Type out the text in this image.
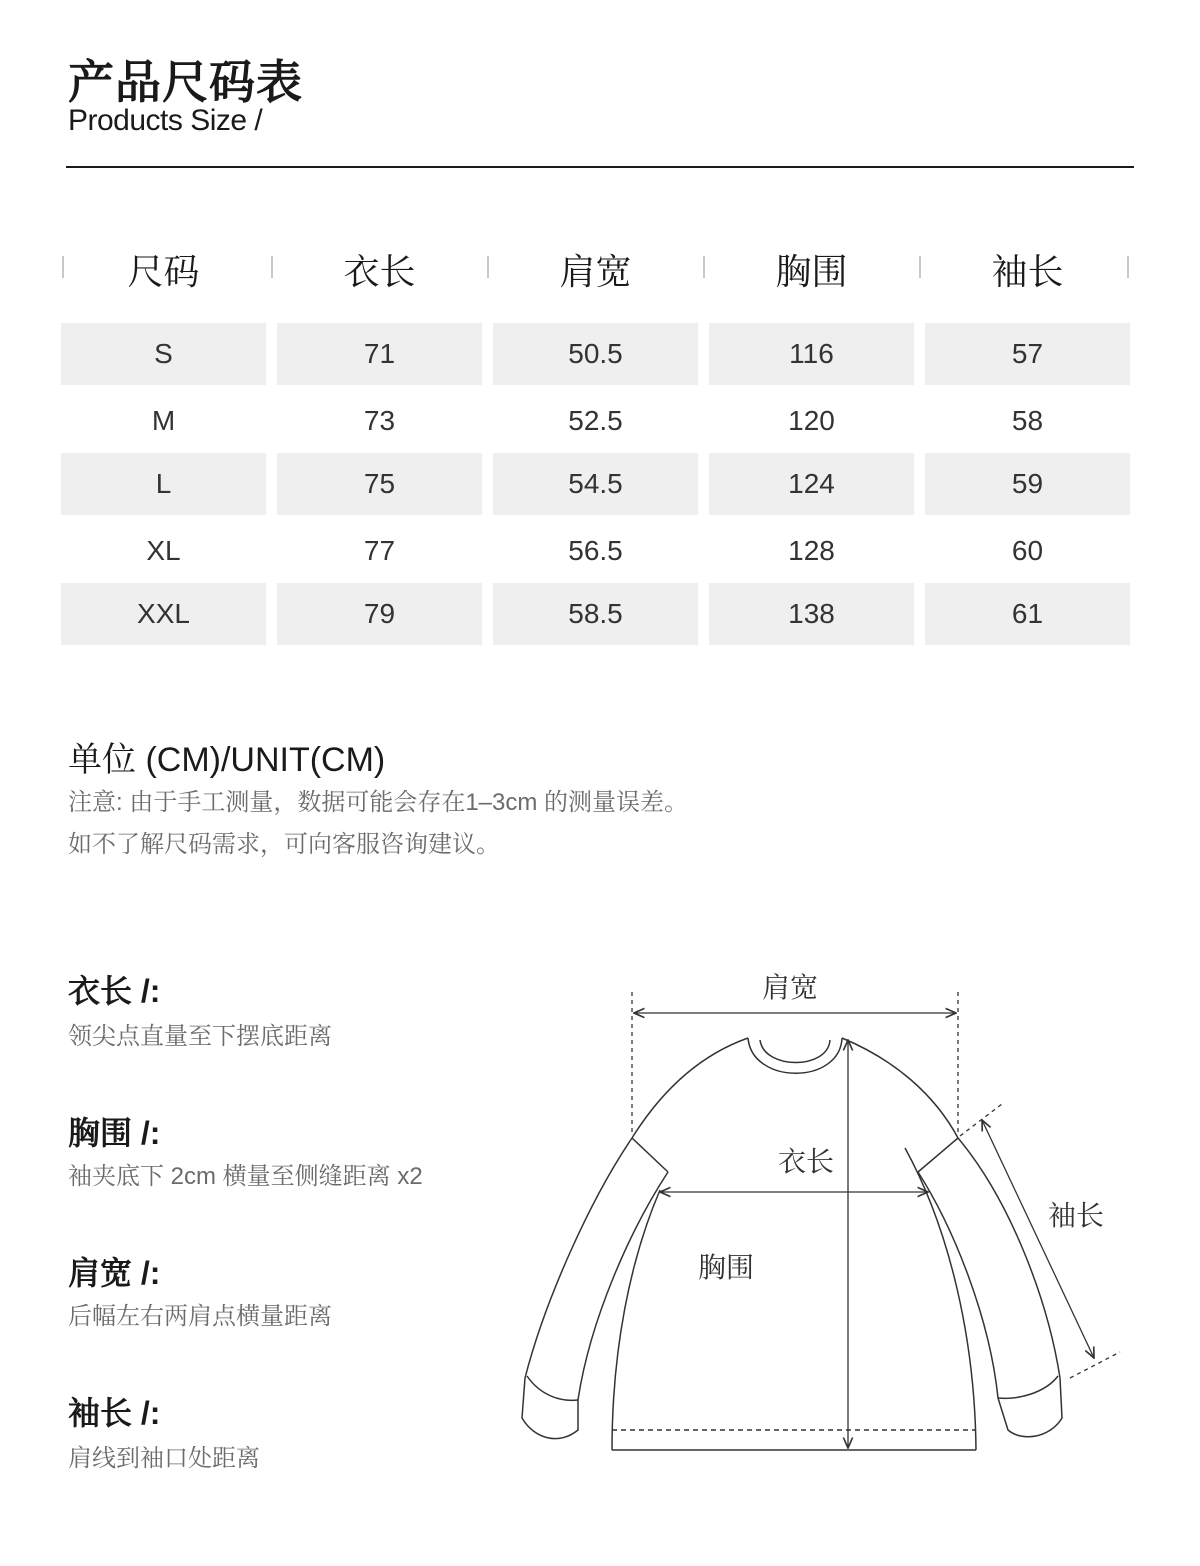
产品尺码表
Products Size /
尺码	衣长	肩宽	胸围	袖长
S	71	50.5	116	57
M	73	52.5	120	58
L	75	54.5	124	59
XL	77	56.5	128	60
XXL	79	58.5	138	61
单位 (CM)/UNIT(CM)
注意: 由于手工测量，数据可能会存在1–3cm 的测量误差。
如不了解尺码需求，可向客服咨询建议。
衣长 /:
领尖点直量至下摆底距离
胸围 /:
袖夹底下 2cm 横量至侧缝距离 x2
肩宽 /:
后幅左右两肩点横量距离
袖长 /:
肩线到袖口处距离
肩宽
衣长
胸围
袖长
